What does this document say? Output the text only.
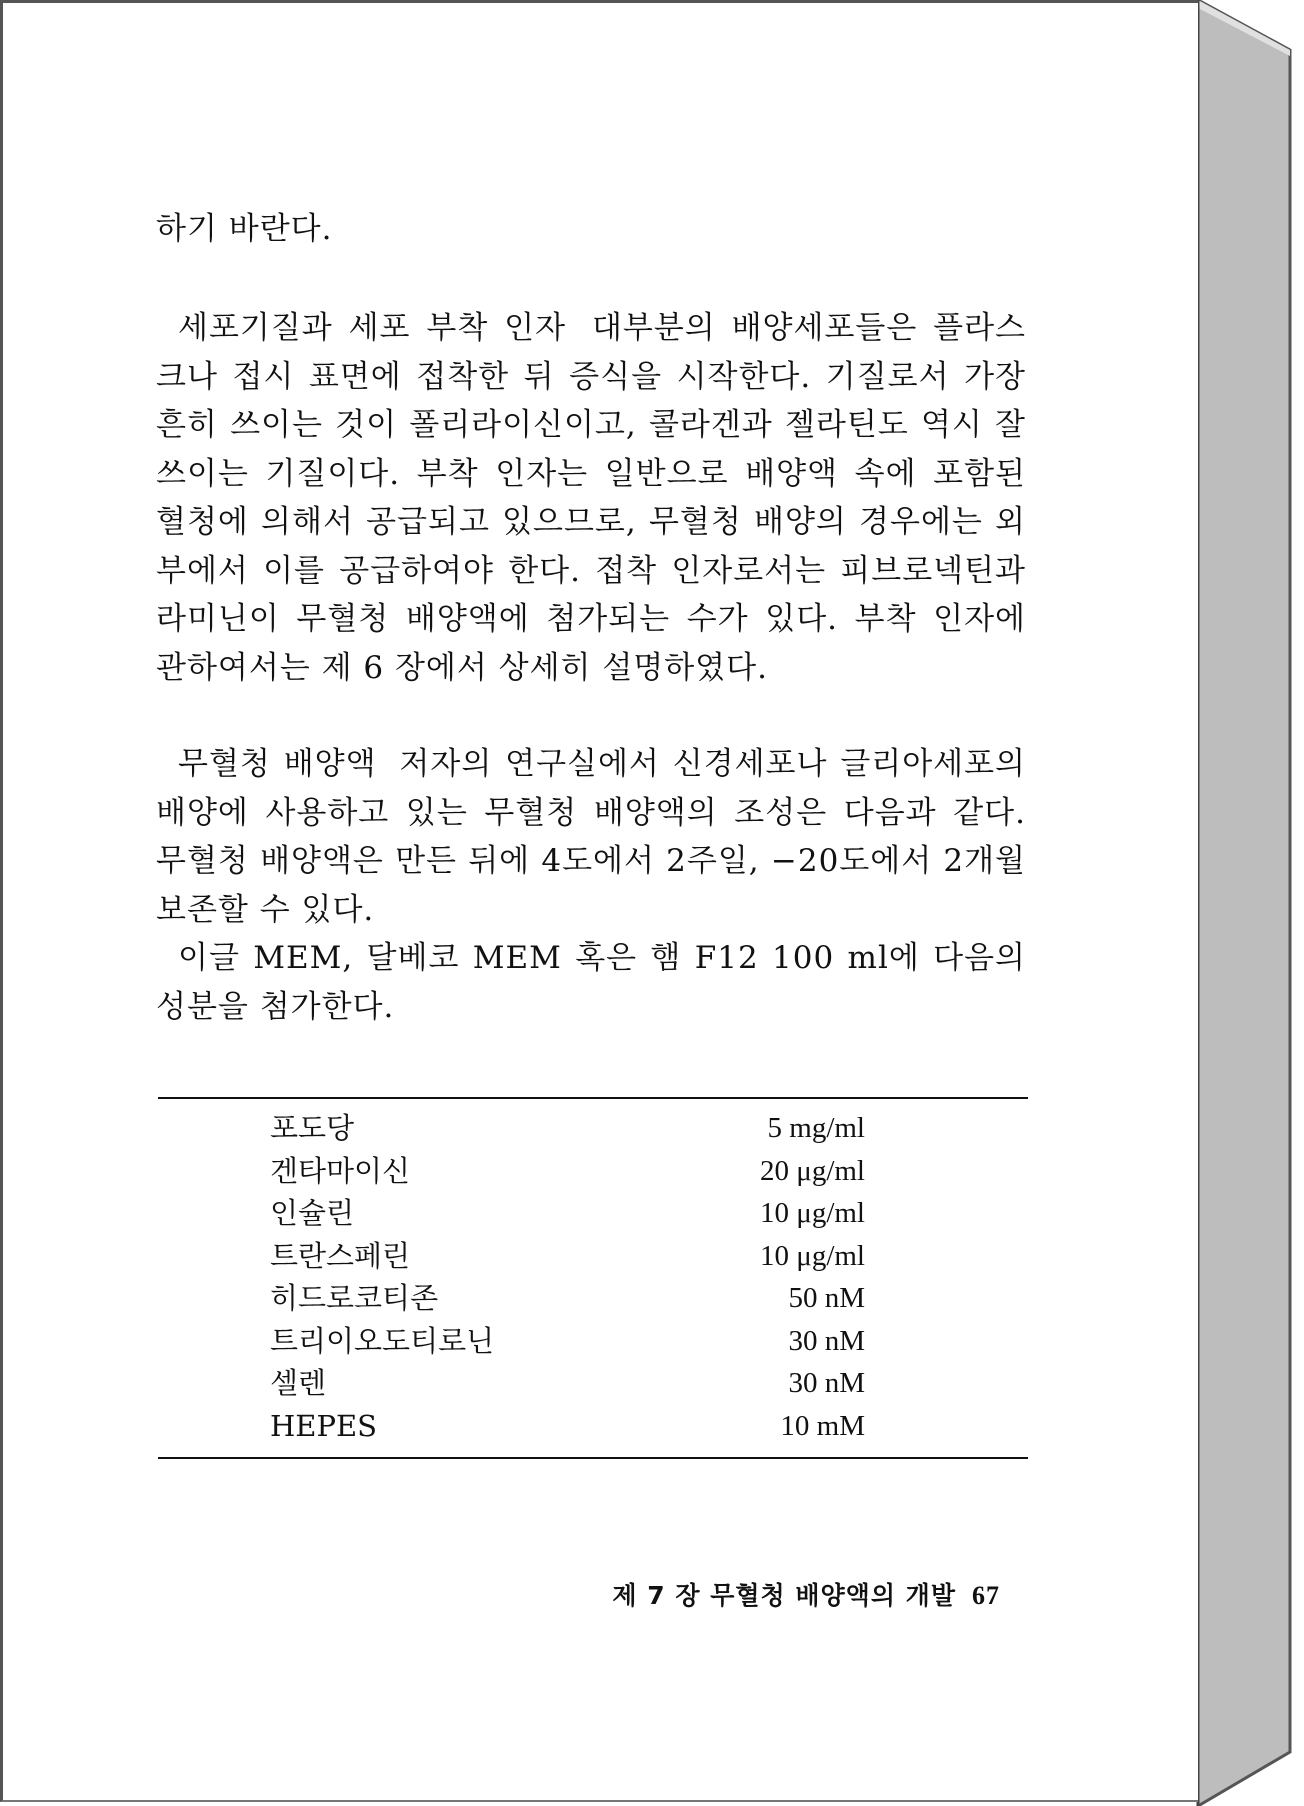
하기 바란다.

세포기질과 세포 부착 인자 대부분의 배양세포들은 플라스크나 접시 표면에 접착한 뒤 증식을 시작한다. 기질로서 가장 흔히 쓰이는 것이 폴리라이신이고, 콜라겐과 젤라틴도 역시 잘 쓰이는 기질이다. 부착 인자는 일반으로 배양액 속에 포함된 혈청에 의해서 공급되고 있으므로, 무혈청 배양의 경우에는 외부에서 이를 공급하여야 한다. 접착 인자로서는 피브로넥틴과 라미닌이 무혈청 배양액에 첨가되는 수가 있다. 부착 인자에 관하여서는 제 6 장에서 상세히 설명하였다.

무혈청 배양액 저자의 연구실에서 신경세포나 글리아세포의 배양에 사용하고 있는 무혈청 배양액의 조성은 다음과 같다. 무혈청 배양액은 만든 뒤에 4도에서 2주일, −20도에서 2개월 보존할 수 있다.

이글 MEM, 달베코 MEM 혹은 햄 F12 100 ml에 다음의 성분을 첨가한다.

포도당	5 mg/ml
겐타마이신	20 μg/ml
인슐린	10 μg/ml
트란스페린	10 μg/ml
히드로코티존	50 nM
트리이오도티로닌	30 nM
셀렌	30 nM
HEPES	10 mM
제 7 장 무혈청 배양액의 개발 67
